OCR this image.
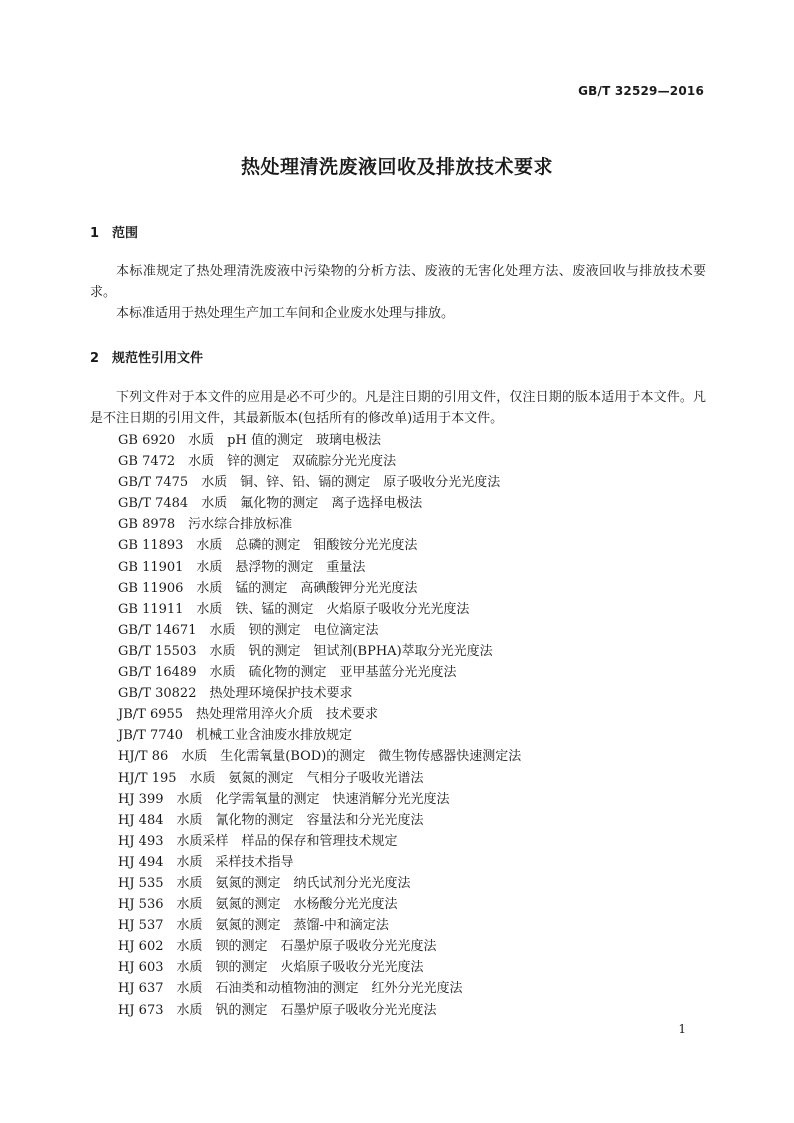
GB/T 32529—2016
热处理清洗废液回收及排放技术要求
1 范围
本标准规定了热处理清洗废液中污染物的分析方法、废液的无害化处理方法、废液回收与排放技术要求。
本标准适用于热处理生产加工车间和企业废水处理与排放。
2 规范性引用文件
下列文件对于本文件的应用是必不可少的。凡是注日期的引用文件，仅注日期的版本适用于本文件。凡是不注日期的引用文件，其最新版本(包括所有的修改单)适用于本文件。
GB 6920　水质　pH 值的测定　玻璃电极法
GB 7472　水质　锌的测定　双硫腙分光光度法
GB/T 7475　水质　铜、锌、铅、镉的测定　原子吸收分光光度法
GB/T 7484　水质　氟化物的测定　离子选择电极法
GB 8978　污水综合排放标准
GB 11893　水质　总磷的测定　钼酸铵分光光度法
GB 11901　水质　悬浮物的测定　重量法
GB 11906　水质　锰的测定　高碘酸钾分光光度法
GB 11911　水质　铁、锰的测定　火焰原子吸收分光光度法
GB/T 14671　水质　钡的测定　电位滴定法
GB/T 15503　水质　钒的测定　钽试剂(BPHA)萃取分光光度法
GB/T 16489　水质　硫化物的测定　亚甲基蓝分光光度法
GB/T 30822　热处理环境保护技术要求
JB/T 6955　热处理常用淬火介质　技术要求
JB/T 7740　机械工业含油废水排放规定
HJ/T 86　水质　生化需氧量(BOD)的测定　微生物传感器快速测定法
HJ/T 195　水质　氨氮的测定　气相分子吸收光谱法
HJ 399　水质　化学需氧量的测定　快速消解分光光度法
HJ 484　水质　氰化物的测定　容量法和分光光度法
HJ 493　水质采样　样品的保存和管理技术规定
HJ 494　水质　采样技术指导
HJ 535　水质　氨氮的测定　纳氏试剂分光光度法
HJ 536　水质　氨氮的测定　水杨酸分光光度法
HJ 537　水质　氨氮的测定　蒸馏-中和滴定法
HJ 602　水质　钡的测定　石墨炉原子吸收分光光度法
HJ 603　水质　钡的测定　火焰原子吸收分光光度法
HJ 637　水质　石油类和动植物油的测定　红外分光光度法
HJ 673　水质　钒的测定　石墨炉原子吸收分光光度法
1
